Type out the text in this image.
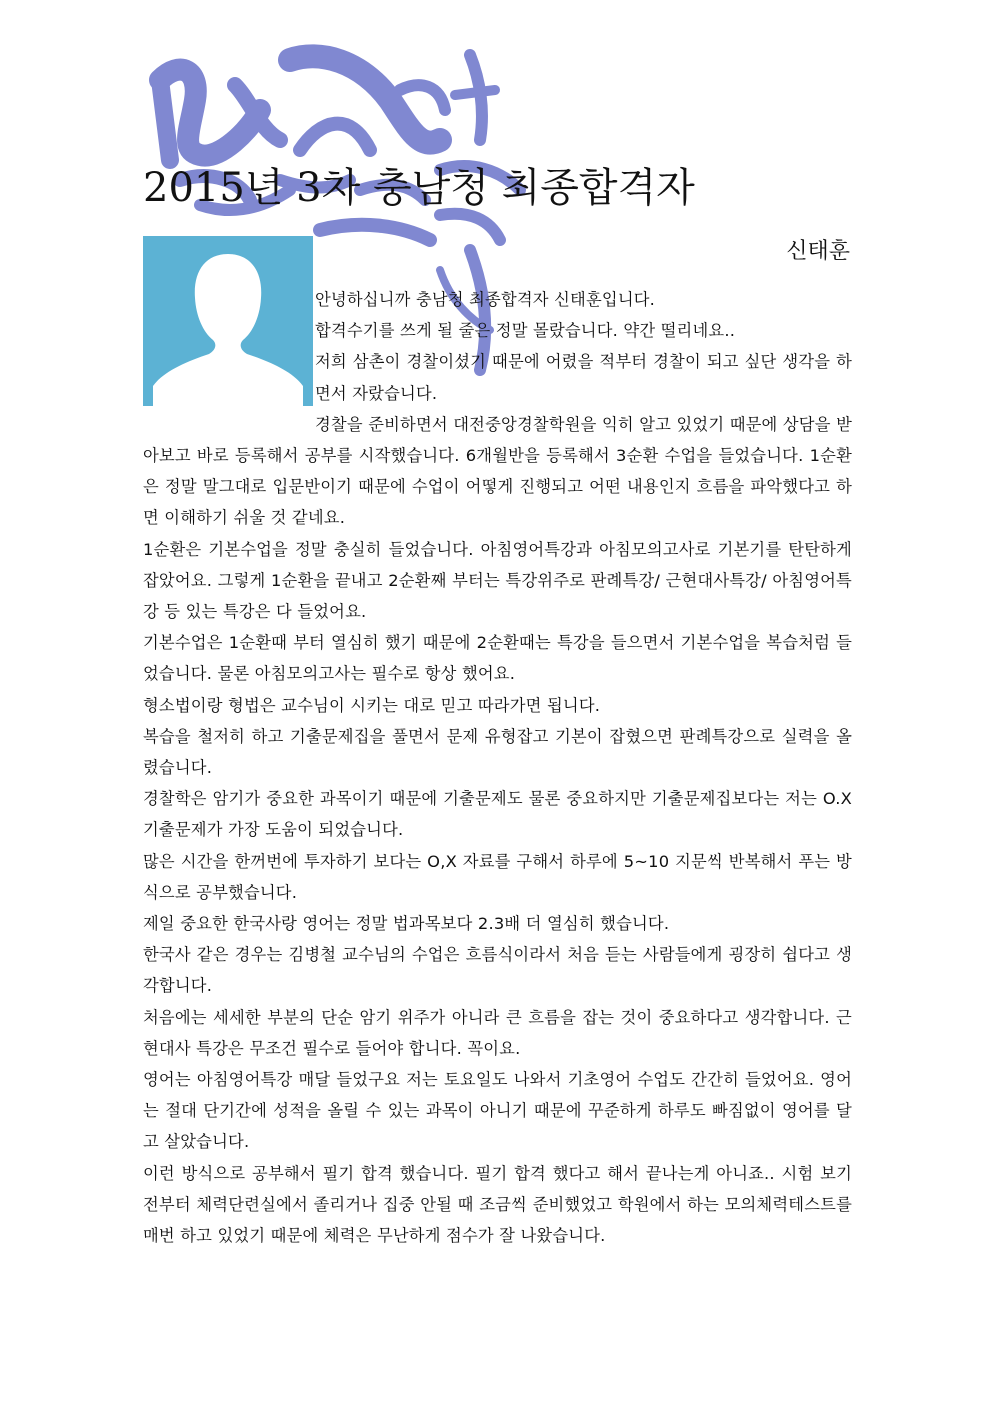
2015년 3차 충남청 최종합격자
신태훈

안녕하십니까 충남청 최종합격자 신태훈입니다.

합격수기를 쓰게 될 줄은 정말 몰랐습니다. 약간 떨리네요..

저희 삼촌이 경찰이셨기 때문에 어렸을 적부터 경찰이 되고 싶단 생각을 하면서 자랐습니다.

경찰을 준비하면서 대전중앙경찰학원을 익히 알고 있었기 때문에 상담을 받아보고 바로 등록해서 공부를 시작했습니다. 6개월반을 등록해서 3순환 수업을 들었습니다. 1순환은 정말 말그대로 입문반이기 때문에 수업이 어떻게 진행되고 어떤 내용인지 흐름을 파악했다고 하면 이해하기 쉬울 것 같네요.

1순환은 기본수업을 정말 충실히 들었습니다. 아침영어특강과 아침모의고사로 기본기를 탄탄하게 잡았어요. 그렇게 1순환을 끝내고 2순환째 부터는 특강위주로 판례특강/ 근현대사특강/ 아침영어특강 등 있는 특강은 다 들었어요.

기본수업은 1순환때 부터 열심히 했기 때문에 2순환때는 특강을 들으면서 기본수업을 복습처럼 들었습니다. 물론 아침모의고사는 필수로 항상 했어요.

형소법이랑 형법은 교수님이 시키는 대로 믿고 따라가면 됩니다.

복습을 철저히 하고 기출문제집을 풀면서 문제 유형잡고 기본이 잡혔으면 판례특강으로 실력을 올렸습니다.

경찰학은 암기가 중요한 과목이기 때문에 기출문제도 물론 중요하지만 기출문제집보다는 저는 O.X 기출문제가 가장 도움이 되었습니다.

많은 시간을 한꺼번에 투자하기 보다는 O,X 자료를 구해서 하루에 5~10 지문씩 반복해서 푸는 방식으로 공부했습니다.

제일 중요한 한국사랑 영어는 정말 법과목보다 2.3배 더 열심히 했습니다.

한국사 같은 경우는 김병철 교수님의 수업은 흐름식이라서 처음 듣는 사람들에게 굉장히 쉽다고 생각합니다.

처음에는 세세한 부분의 단순 암기 위주가 아니라 큰 흐름을 잡는 것이 중요하다고 생각합니다. 근현대사 특강은 무조건 필수로 들어야 합니다. 꼭이요.

영어는 아침영어특강 매달 들었구요 저는 토요일도 나와서 기초영어 수업도 간간히 들었어요. 영어는 절대 단기간에 성적을 올릴 수 있는 과목이 아니기 때문에 꾸준하게 하루도 빠짐없이 영어를 달고 살았습니다.

이런 방식으로 공부해서 필기 합격 했습니다. 필기 합격 했다고 해서 끝나는게 아니죠.. 시험 보기 전부터 체력단련실에서 졸리거나 집중 안될 때 조금씩 준비했었고 학원에서 하는 모의체력테스트를 매번 하고 있었기 때문에 체력은 무난하게 점수가 잘 나왔습니다.
